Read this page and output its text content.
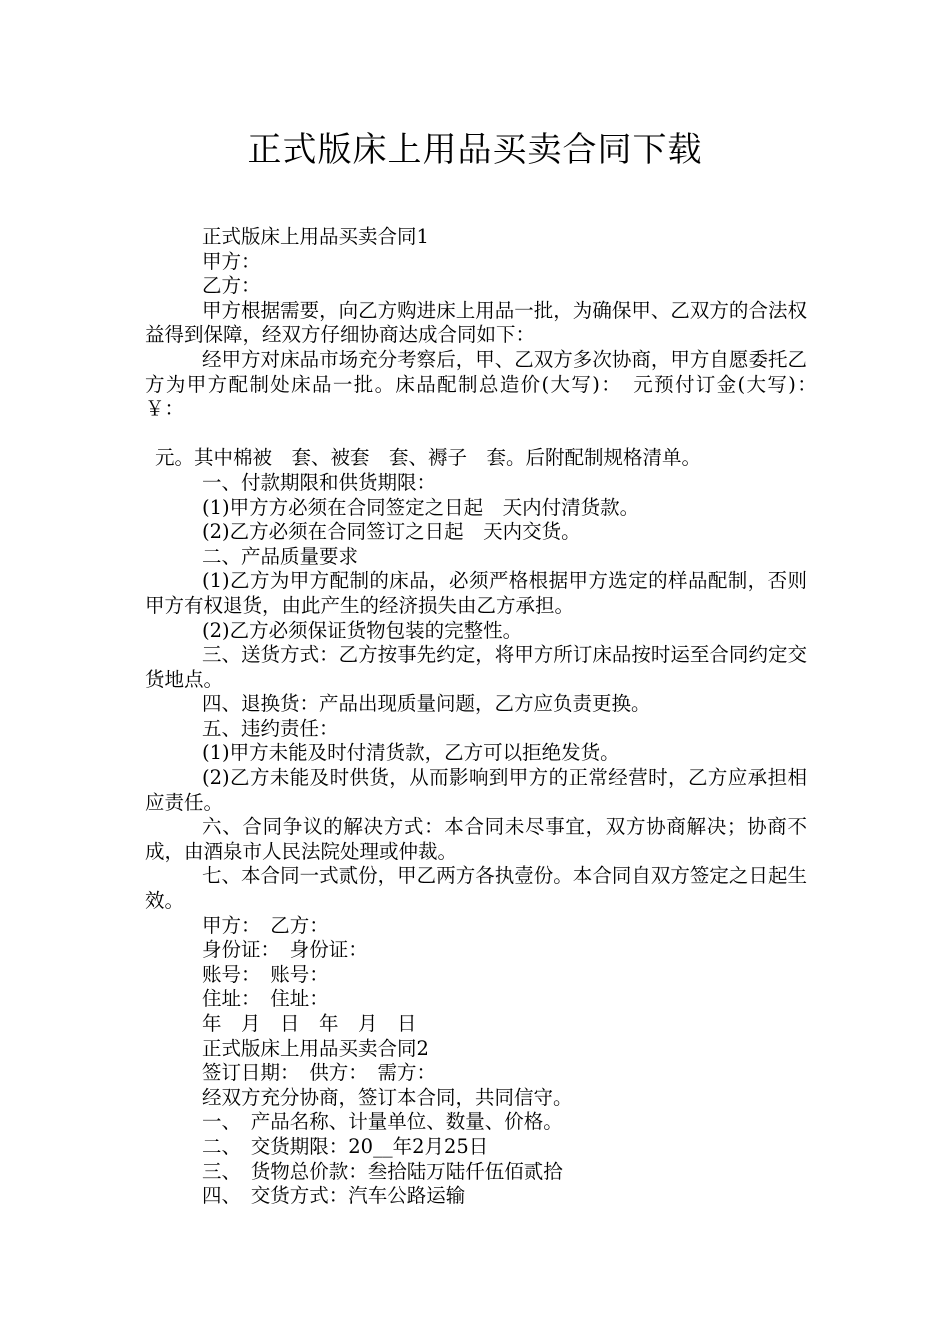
正式版床上用品买卖合同下载

正式版床上用品买卖合同1

甲方：

乙方：

甲方根据需要，向乙方购进床上用品一批，为确保甲、乙双方的合法权益得到保障，经双方仔细协商达成合同如下：

经甲方对床品市场充分考察后，甲、乙双方多次协商，甲方自愿委托乙方为甲方配制处床品一批。床品配制总造价(大写)：　元预付订金(大写)：　￥：

元。其中棉被　套、被套　套、褥子　套。后附配制规格清单。

一、付款期限和供货期限：

(1)甲方方必须在合同签定之日起　天内付清货款。

(2)乙方必须在合同签订之日起　天内交货。

二、产品质量要求

(1)乙方为甲方配制的床品，必须严格根据甲方选定的样品配制，否则甲方有权退货，由此产生的经济损失由乙方承担。

(2)乙方必须保证货物包装的完整性。

三、送货方式：乙方按事先约定，将甲方所订床品按时运至合同约定交货地点。

四、退换货：产品出现质量问题，乙方应负责更换。

五、违约责任：

(1)甲方未能及时付清货款，乙方可以拒绝发货。

(2)乙方未能及时供货，从而影响到甲方的正常经营时，乙方应承担相应责任。

六、合同争议的解决方式：本合同未尽事宜，双方协商解决；协商不成，由酒泉市人民法院处理或仲裁。

七、本合同一式贰份，甲乙两方各执壹份。本合同自双方签定之日起生效。

甲方：　乙方：

身份证：　身份证：

账号：　账号：

住址：　住址：

年　月　日　年　月　日

正式版床上用品买卖合同2

签订日期：　供方：　需方：

经双方充分协商，签订本合同，共同信守。

一、　产品名称、计量单位、数量、价格。

二、　交货期限：20__年2月25日

三、　货物总价款：叁拾陆万陆仟伍佰贰拾

四、　交货方式：汽车公路运输
